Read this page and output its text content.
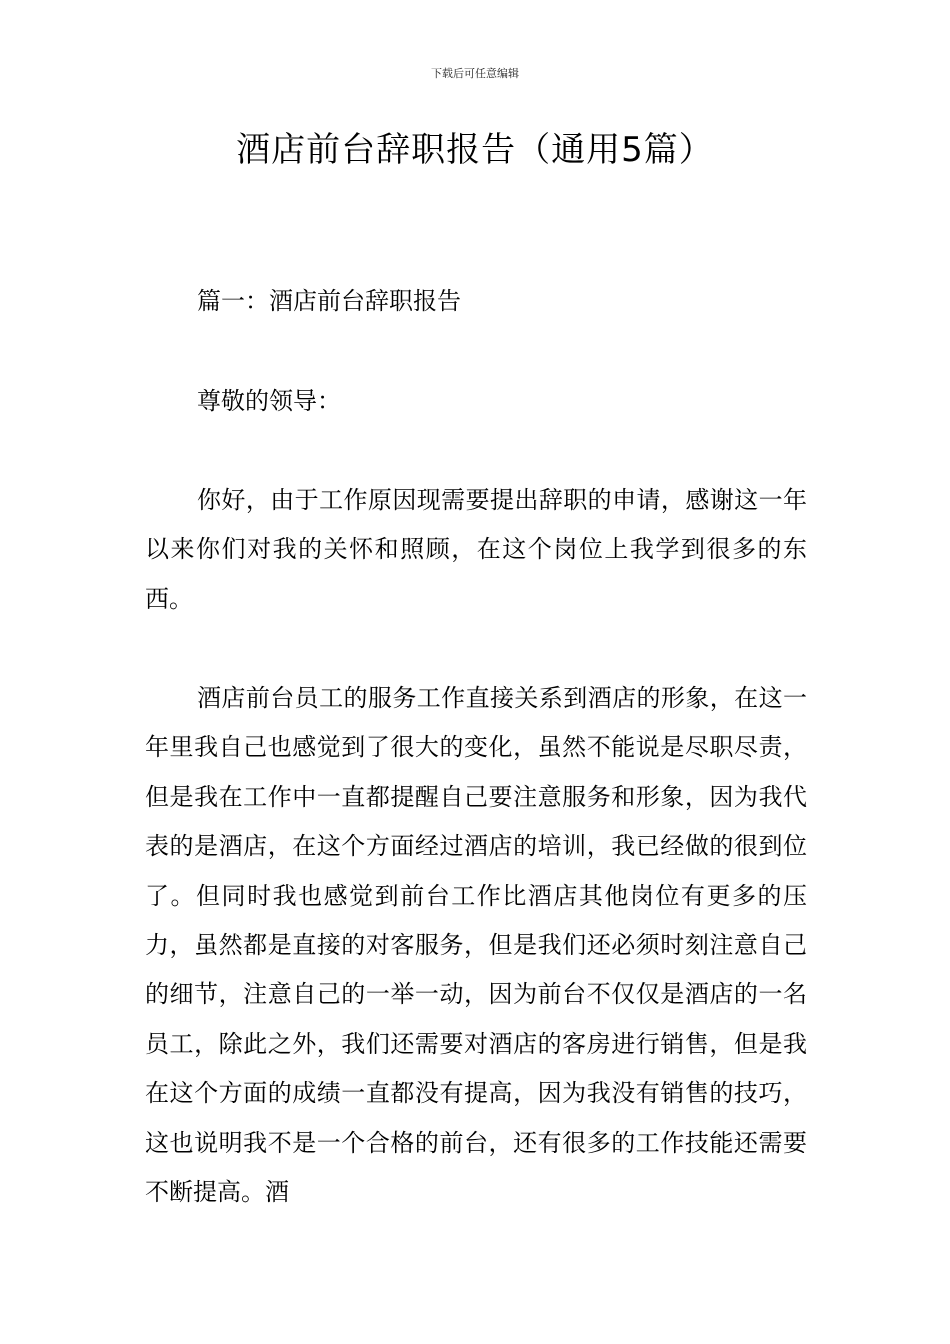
下载后可任意编辑
酒店前台辞职报告（通用5篇）

篇一：酒店前台辞职报告

尊敬的领导：

你好，由于工作原因现需要提出辞职的申请，感谢这一年以来你们对我的关怀和照顾，在这个岗位上我学到很多的东西。

酒店前台员工的服务工作直接关系到酒店的形象，在这一年里我自己也感觉到了很大的变化，虽然不能说是尽职尽责，但是我在工作中一直都提醒自己要注意服务和形象，因为我代表的是酒店，在这个方面经过酒店的培训，我已经做的很到位了。但同时我也感觉到前台工作比酒店其他岗位有更多的压力，虽然都是直接的对客服务，但是我们还必须时刻注意自己的细节，注意自己的一举一动，因为前台不仅仅是酒店的一名员工，除此之外，我们还需要对酒店的客房进行销售，但是我在这个方面的成绩一直都没有提高，因为我没有销售的技巧，这也说明我不是一个合格的前台，还有很多的工作技能还需要不断提高。酒
